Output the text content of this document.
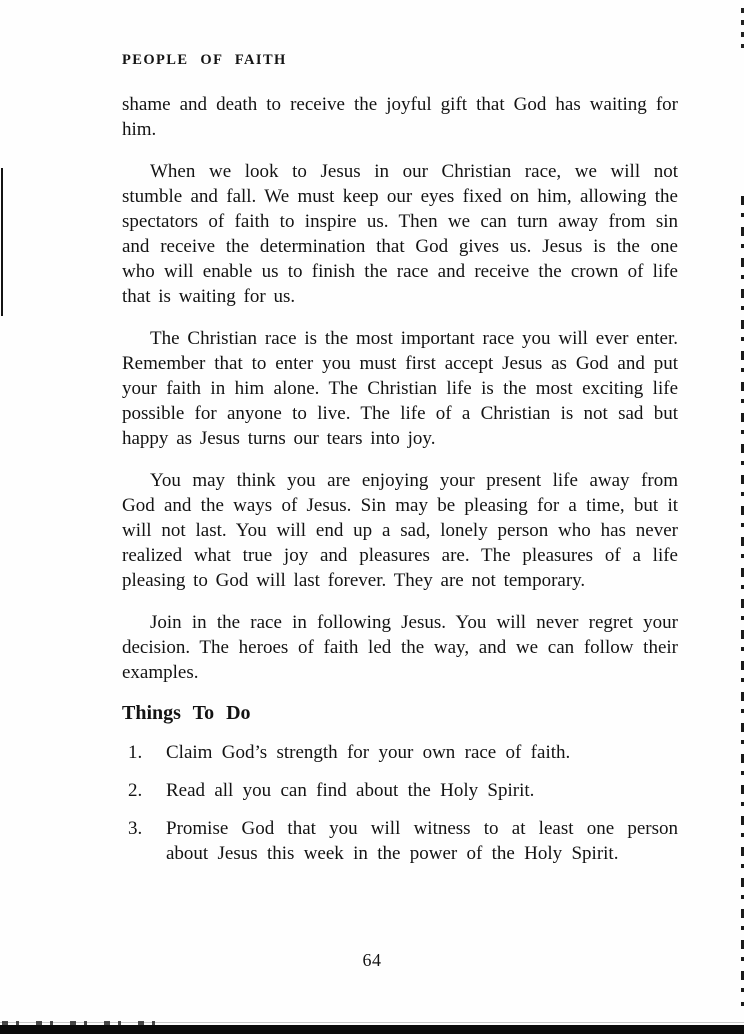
PEOPLE OF FAITH

shame and death to receive the joyful gift that God has waiting for him.

When we look to Jesus in our Christian race, we will not stumble and fall. We must keep our eyes fixed on him, allowing the spectators of faith to inspire us. Then we can turn away from sin and receive the determination that God gives us. Jesus is the one who will enable us to finish the race and receive the crown of life that is waiting for us.

The Christian race is the most important race you will ever enter. Remember that to enter you must first accept Jesus as God and put your faith in him alone. The Christian life is the most exciting life possible for anyone to live. The life of a Christian is not sad but happy as Jesus turns our tears into joy.

You may think you are enjoying your present life away from God and the ways of Jesus. Sin may be pleasing for a time, but it will not last. You will end up a sad, lonely person who has never realized what true joy and pleasures are. The pleasures of a life pleasing to God will last forever. They are not temporary.

Join in the race in following Jesus. You will never regret your decision. The heroes of faith led the way, and we can follow their examples.

Things To Do
1.	Claim God’s strength for your own race of faith.
2.	Read all you can find about the Holy Spirit.
3.	Promise God that you will witness to at least one person about Jesus this week in the power of the Holy Spirit.
64
